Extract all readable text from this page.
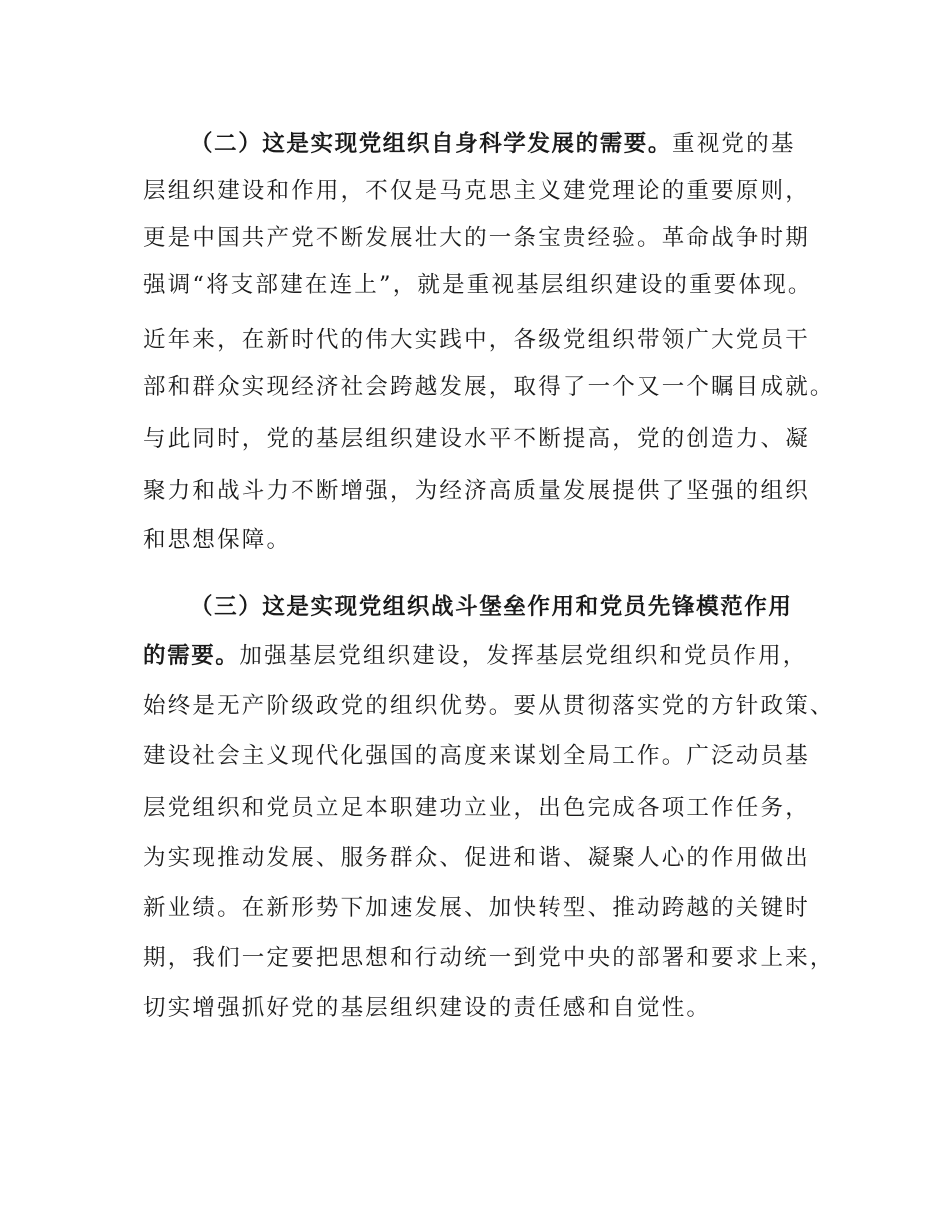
（二）这是实现党组织自身科学发展的需要。重视党的基
层组织建设和作用，不仅是马克思主义建党理论的重要原则，
更是中国共产党不断发展壮大的一条宝贵经验。革命战争时期
强调“将支部建在连上”，就是重视基层组织建设的重要体现。
近年来，在新时代的伟大实践中，各级党组织带领广大党员干
部和群众实现经济社会跨越发展，取得了一个又一个瞩目成就。
与此同时，党的基层组织建设水平不断提高，党的创造力、凝
聚力和战斗力不断增强，为经济高质量发展提供了坚强的组织
和思想保障。
（三）这是实现党组织战斗堡垒作用和党员先锋模范作用
的需要。加强基层党组织建设，发挥基层党组织和党员作用，
始终是无产阶级政党的组织优势。要从贯彻落实党的方针政策、
建设社会主义现代化强国的高度来谋划全局工作。广泛动员基
层党组织和党员立足本职建功立业，出色完成各项工作任务，
为实现推动发展、服务群众、促进和谐、凝聚人心的作用做出
新业绩。在新形势下加速发展、加快转型、推动跨越的关键时
期，我们一定要把思想和行动统一到党中央的部署和要求上来，
切实增强抓好党的基层组织建设的责任感和自觉性。
